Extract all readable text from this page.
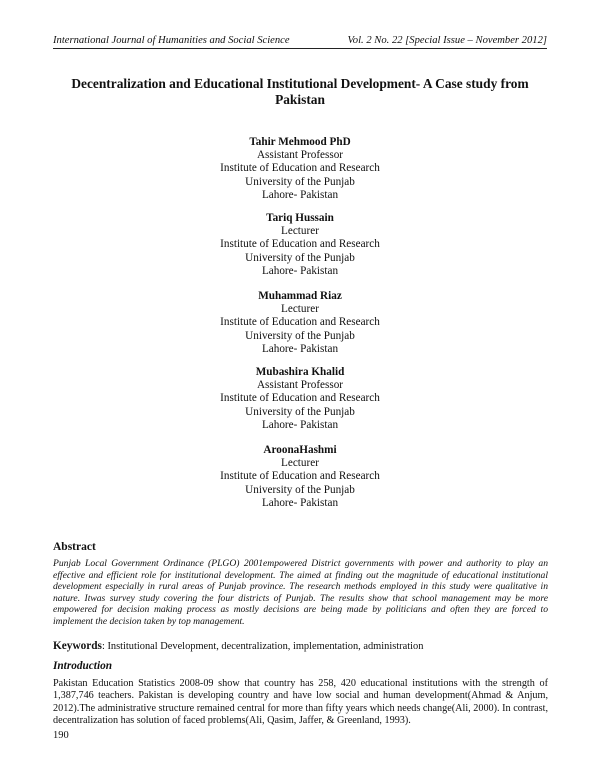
International Journal of Humanities and Social Science	Vol. 2 No. 22 [Special Issue – November 2012]
Decentralization and Educational Institutional Development- A Case study from
Pakistan
Tahir Mehmood PhD
Assistant Professor
Institute of Education and Research
University of the Punjab
Lahore- Pakistan
Tariq Hussain
Lecturer
Institute of Education and Research
University of the Punjab
Lahore- Pakistan
Muhammad Riaz
Lecturer
Institute of Education and Research
University of the Punjab
Lahore- Pakistan
Mubashira Khalid
Assistant Professor
Institute of Education and Research
University of the Punjab
Lahore- Pakistan
AroonaHashmi
Lecturer
Institute of Education and Research
University of the Punjab
Lahore- Pakistan
Abstract
Punjab Local Government Ordinance (PLGO) 2001empowered District governments with power and authority to play an effective and efficient role for institutional development. The aimed at finding out the magnitude of educational institutional development especially in rural areas of Punjab province. The research methods employed in this study were qualitative in nature. Itwas survey study covering the four districts of Punjab. The results show that school management may be more empowered for decision making process as mostly decisions are being made by politicians and often they are forced to implement the decision taken by top management.
Keywords: Institutional Development, decentralization, implementation, administration
Introduction
Pakistan Education Statistics 2008-09 show that country has 258, 420 educational institutions with the strength of 1,387,746 teachers. Pakistan is developing country and have low social and human development(Ahmad & Anjum, 2012).The administrative structure remained central for more than fifty years which needs change(Ali, 2000). In contrast, decentralization has solution of faced problems(Ali, Qasim, Jaffer, & Greenland, 1993).
190
